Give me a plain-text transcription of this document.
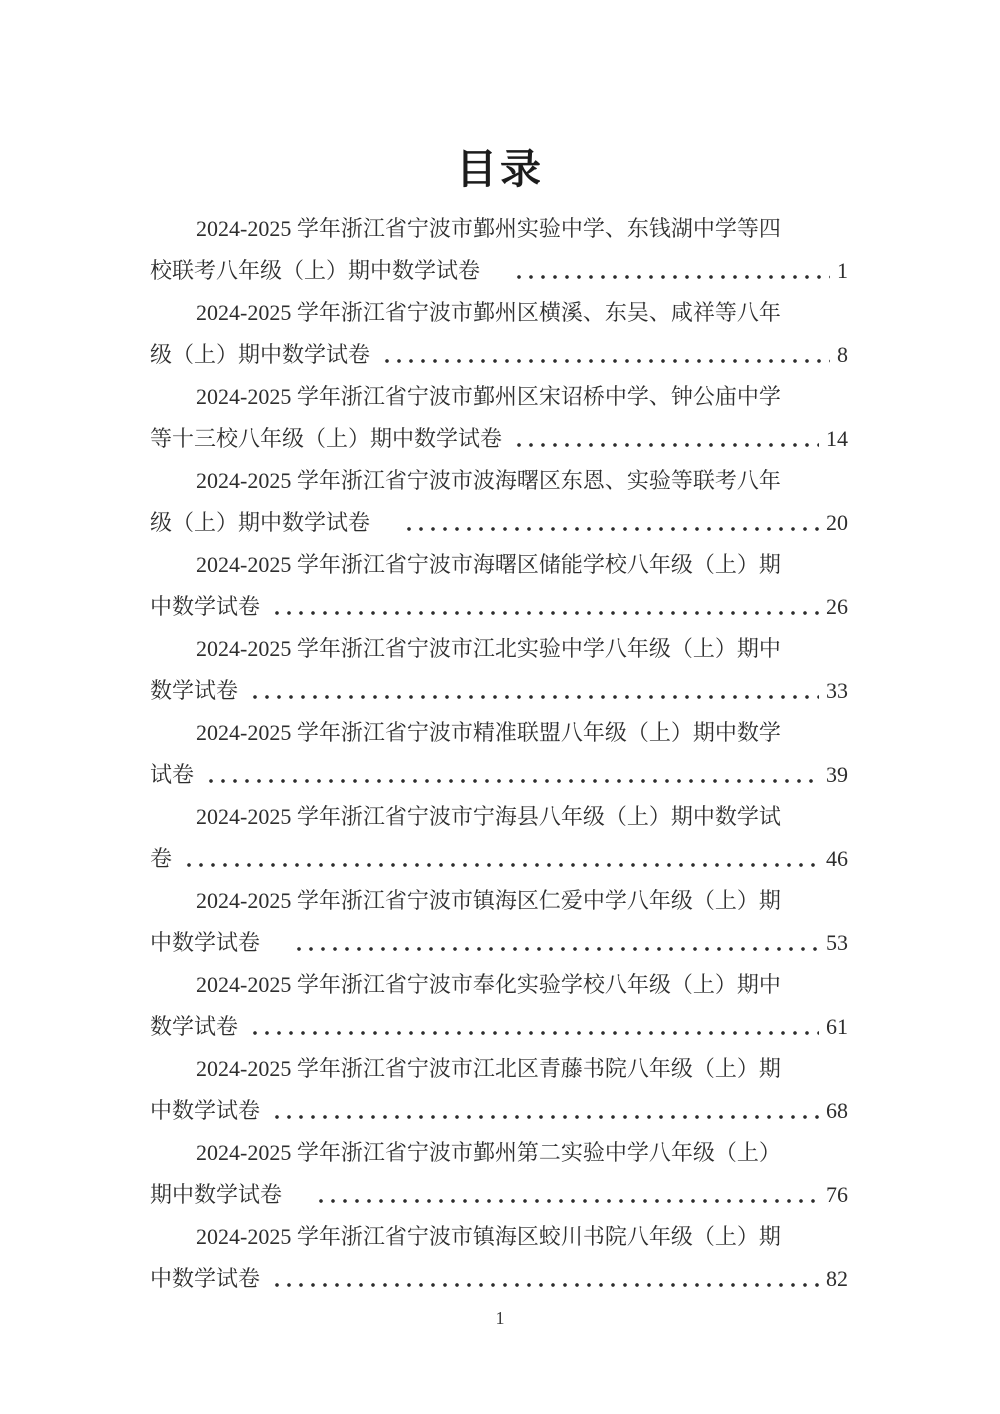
目录
2024-2025 学年浙江省宁波市鄞州实验中学、东钱湖中学等四
校联考八年级（上）期中数学试卷　	1
2024-2025 学年浙江省宁波市鄞州区横溪、东吴、咸祥等八年
级（上）期中数学试卷	8
2024-2025 学年浙江省宁波市鄞州区宋诏桥中学、钟公庙中学
等十三校八年级（上）期中数学试卷	14
2024-2025 学年浙江省宁波市波海曙区东恩、实验等联考八年
级（上）期中数学试卷　	20
2024-2025 学年浙江省宁波市海曙区储能学校八年级（上）期
中数学试卷	26
2024-2025 学年浙江省宁波市江北实验中学八年级（上）期中
数学试卷	33
2024-2025 学年浙江省宁波市精准联盟八年级（上）期中数学
试卷	39
2024-2025 学年浙江省宁波市宁海县八年级（上）期中数学试
卷	46
2024-2025 学年浙江省宁波市镇海区仁爱中学八年级（上）期
中数学试卷　	53
2024-2025 学年浙江省宁波市奉化实验学校八年级（上）期中
数学试卷	61
2024-2025 学年浙江省宁波市江北区青藤书院八年级（上）期
中数学试卷	68
2024-2025 学年浙江省宁波市鄞州第二实验中学八年级（上）
期中数学试卷　	76
2024-2025 学年浙江省宁波市镇海区蛟川书院八年级（上）期
中数学试卷	82
1
